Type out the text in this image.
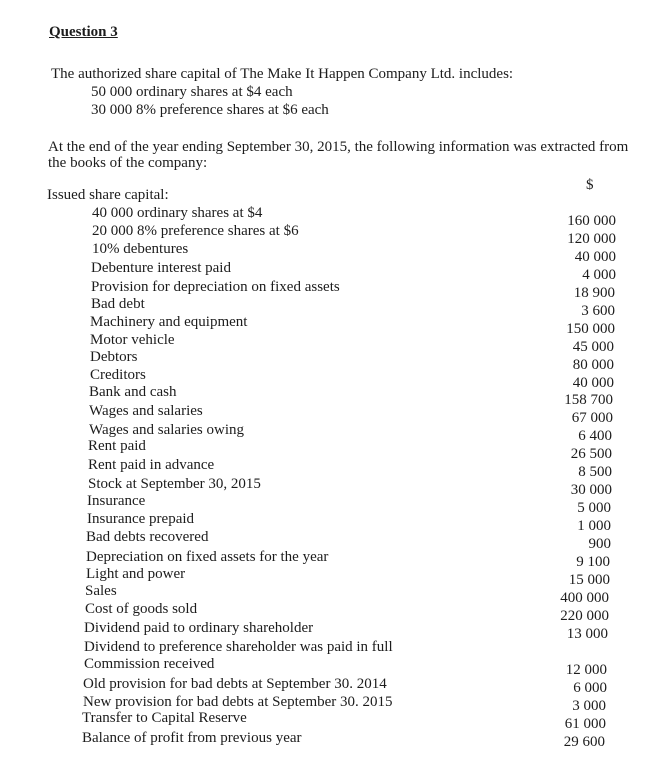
Question 3
The authorized share capital of The Make It Happen Company Ltd. includes:
50 000 ordinary shares at $4 each
30 000 8% preference shares at $6 each
At the end of the year ending September 30, 2015, the following information was extracted from
the books of the company:
$
Issued share capital:
40 000 ordinary shares at $4	160 000
20 000 8% preference shares at $6	120 000
10% debentures	40 000
Debenture interest paid	4 000
Provision for depreciation on fixed assets	18 900
Bad debt	3 600
Machinery and equipment	150 000
Motor vehicle	45 000
Debtors	80 000
Creditors	40 000
Bank and cash	158 700
Wages and salaries	67 000
Wages and salaries owing	6 400
Rent paid	26 500
Rent paid in advance	8 500
Stock at September 30, 2015	30 000
Insurance	5 000
Insurance prepaid	1 000
Bad debts recovered	900
Depreciation on fixed assets for the year	9 100
Light and power	15 000
Sales	400 000
Cost of goods sold	220 000
Dividend paid to ordinary shareholder	13 000
Dividend to preference shareholder was paid in full
Commission received	12 000
Old provision for bad debts at September 30. 2014	6 000
New provision for bad debts at September 30. 2015	3 000
Transfer to Capital Reserve	61 000
Balance of profit from previous year	29 600
